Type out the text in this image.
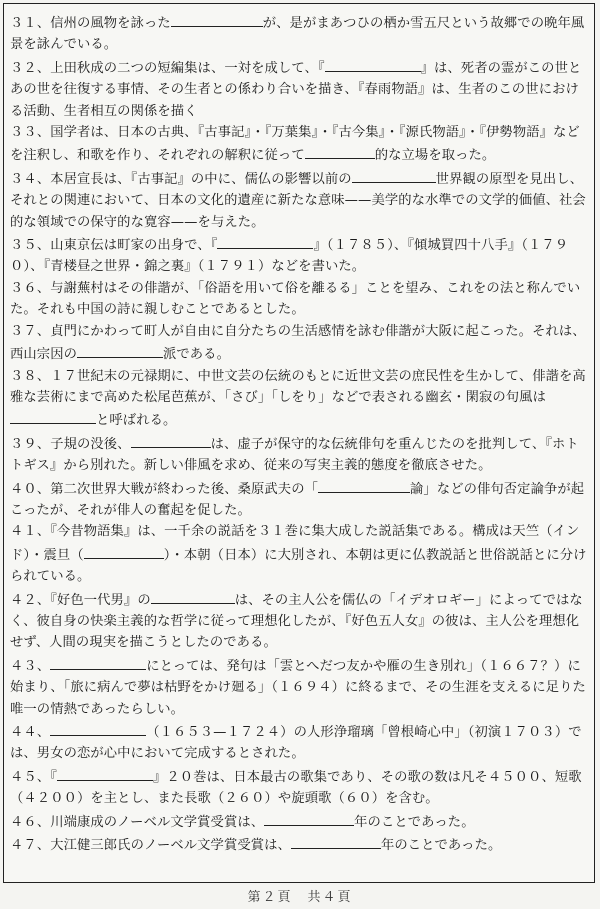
３１、信州の風物を詠った	が、是がまあつひの栖か雪五尺という故郷での晩年風景を詠んでいる。

３２、上田秋成の二つの短編集は、一対を成して、『	』は、死者の霊がこの世とあの世を往復する事情、その生者との係わり合いを描き、『春雨物語』は、生者のこの世における活動、生者相互の関係を描く

３３、国学者は、日本の古典、『古事記』・『万葉集』・『古今集』・『源氏物語』・『伊勢物語』などを注釈し、和歌を作り、それぞれの解釈に従って	的な立場を取った。

３４、本居宣長は、『古事記』の中に、儒仏の影響以前の	世界観の原型を見出し、それとの関連において、日本の文化的遺産に新たな意味——美学的な水準での文学的価値、社会的な領域での保守的な寛容——を与えた。

３５、山東京伝は町家の出身で、『	』（１７８５）、『傾城買四十八手』（１７９０）、『青楼昼之世界・錦之裏』（１７９１）などを書いた。

３６、与謝蕪村はその俳諧が、「俗語を用いて俗を離るる」ことを望み、これをの法と称んでいた。それも中国の詩に親しむことであるとした。

３７、貞門にかわって町人が自由に自分たちの生活感情を詠む俳諧が大阪に起こった。それは、西山宗因の	派である。

３８、１７世紀末の元禄期に、中世文芸の伝統のもとに近世文芸の庶民性を生かして、俳諧を高雅な芸術にまで高めた松尾芭蕉が、「さび」「しをり」などで表される幽玄・閑寂の句風はと呼ばれる。

３９、子規の没後、	は、虚子が保守的な伝統俳句を重んじたのを批判して、『ホトトギス』から別れた。新しい俳風を求め、従来の写実主義的態度を徹底させた。

４０、第二次世界大戦が終わった後、桑原武夫の「	論」などの俳句否定論争が起こったが、それが俳人の奮起を促した。

４１、『今昔物語集』は、一千余の説話を３１巻に集大成した説話集である。構成は天竺（インド）・震旦（	）・本朝（日本）に大別され、本朝は更に仏教説話と世俗説話とに分けられている。

４２、『好色一代男』の	は、その主人公を儒仏の「イデオロギー」によってではなく、彼自身の快楽主義的な哲学に従って理想化したが、『好色五人女』の彼は、主人公を理想化せず、人間の現実を描こうとしたのである。

４３、	にとっては、発句は「雲とへだつ友かや雁の生き別れ」（１６６７？）に始まり、「旅に病んで夢は枯野をかけ廻る」（１６９４）に終るまで、その生涯を支えるに足りた唯一の情熱であったらしい。

４４、	（１６５３—１７２４）の人形浄瑠璃「曾根崎心中」（初演１７０３）では、男女の恋が心中において完成するとされた。

４５、『	』２０巻は、日本最古の歌集であり、その歌の数は凡そ４５００、短歌（４２００）を主とし、また長歌（２６０）や旋頭歌（６０）を含む。

４６、川端康成のノーベル文学賞受賞は、	年のことであった。

４７、大江健三郎氏のノーベル文学賞受賞は、	年のことであった。

第２頁　共４頁
